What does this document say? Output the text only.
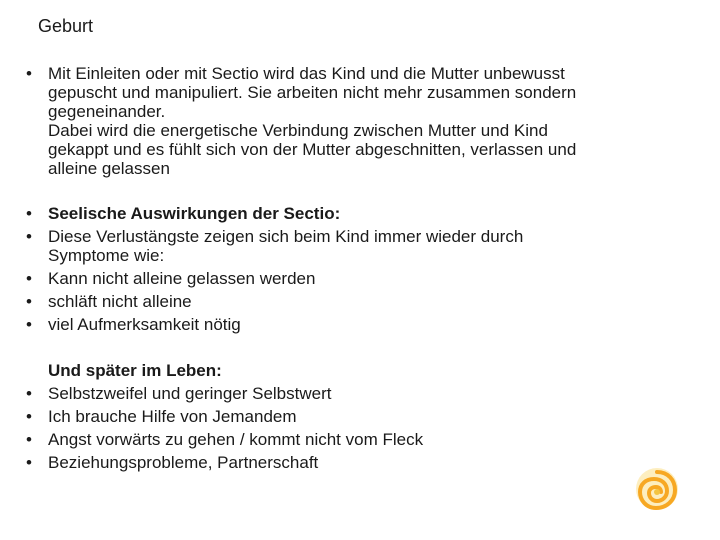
Geburt
• Mit Einleiten oder mit Sectio wird das Kind und die Mutter unbewusst
gepuscht und manipuliert. Sie arbeiten nicht mehr zusammen sondern
gegeneinander.
Dabei wird die energetische Verbindung zwischen Mutter und Kind
gekappt und es fühlt sich von der Mutter abgeschnitten, verlassen und
alleine gelassen
• Seelische Auswirkungen der Sectio:
• Diese Verlustängste zeigen sich beim Kind immer wieder durch
Symptome wie:
• Kann nicht alleine gelassen werden
• schläft nicht alleine
• viel Aufmerksamkeit nötig
Und später im Leben:
• Selbstzweifel und geringer Selbstwert
• Ich brauche Hilfe von Jemandem
• Angst vorwärts zu gehen / kommt nicht vom Fleck
• Beziehungsprobleme, Partnerschaft
